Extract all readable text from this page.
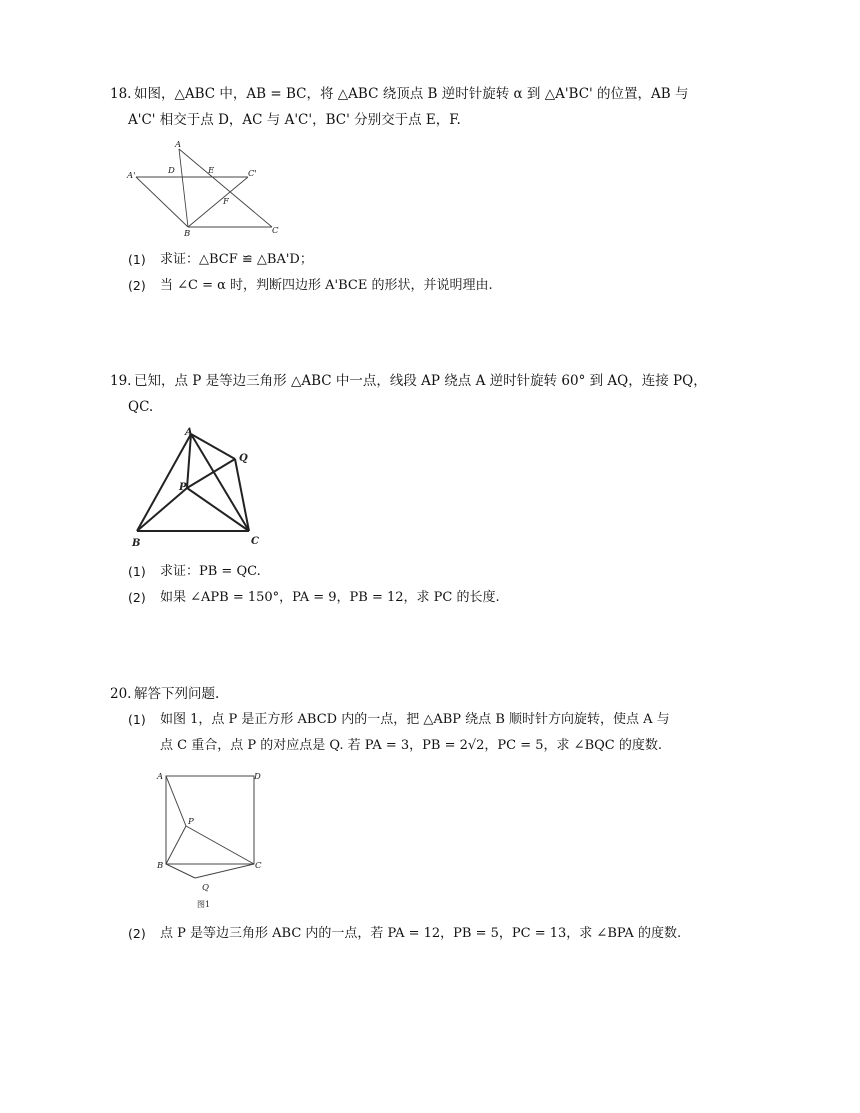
18. 如图，△ABC 中，AB = BC，将 △ABC 绕顶点 B 逆时针旋转 α 到 △A'BC' 的位置，AB 与
A'C' 相交于点 D，AC 与 A'C'，BC' 分别交于点 E，F.
A
A'	D	E	C'
F
B	C
(1) 求证：△BCF ≌ △BA'D；
(2) 当 ∠C = α 时，判断四边形 A'BCE 的形状，并说明理由.
19. 已知，点 P 是等边三角形 △ABC 中一点，线段 AP 绕点 A 逆时针旋转 60° 到 AQ，连接 PQ，
QC.
A
Q
P
B	C
(1) 求证：PB = QC.
(2) 如果 ∠APB = 150°，PA = 9，PB = 12，求 PC 的长度.
20. 解答下列问题.
(1) 如图 1，点 P 是正方形 ABCD 内的一点，把 △ABP 绕点 B 顺时针方向旋转，使点 A 与
点 C 重合，点 P 的对应点是 Q. 若 PA = 3，PB = 2√2，PC = 5，求 ∠BQC 的度数.
A	D
P
B	C
Q
图1
(2) 点 P 是等边三角形 ABC 内的一点，若 PA = 12，PB = 5，PC = 13，求 ∠BPA 的度数.
